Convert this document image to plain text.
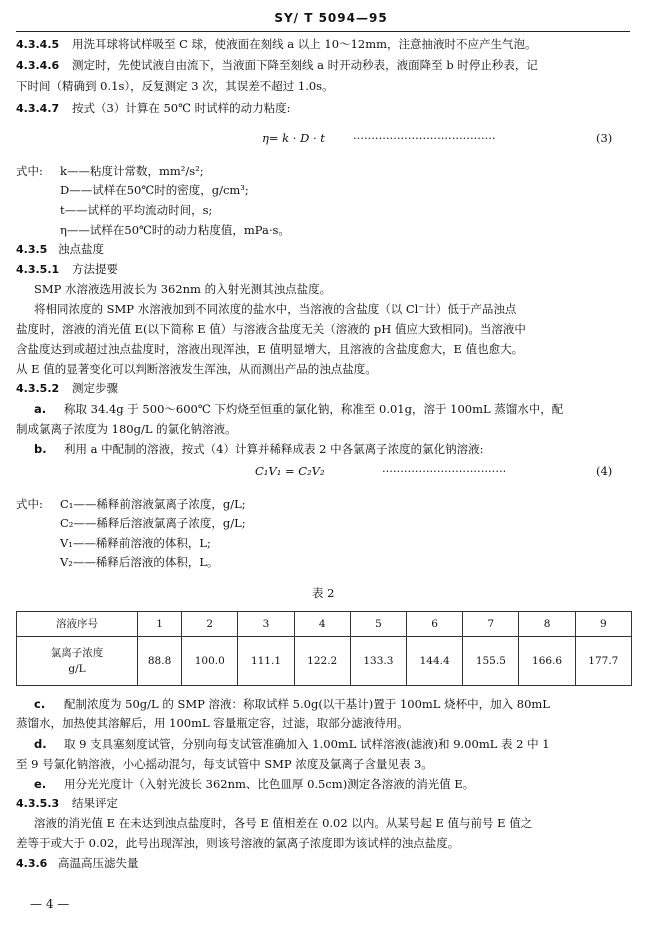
SY/ T 5094—95
4.3.4.5 用洗耳球将试样吸至 C 球，使液面在刻线 a 以上 10～12mm，注意抽液时不应产生气泡。
4.3.4.6 测定时，先使试液自由流下，当液面下降至刻线 a 时开动秒表，液面降至 b 时停止秒表，记
下时间（精确到 0.1s），反复测定 3 次，其误差不超过 1.0s。
4.3.4.7 按式（3）计算在 50℃ 时试样的动力粘度:
η= k · D · t ·······································	(3)
式中: k——粘度计常数，mm²/s²;
D——试样在50℃时的密度，g/cm³;
t——试样的平均流动时间，s;
η——试样在50℃时的动力粘度值，mPa·s。
4.3.5 浊点盐度
4.3.5.1 方法提要
SMP 水溶液选用波长为 362nm 的入射光测其浊点盐度。
将相同浓度的 SMP 水溶液加到不同浓度的盐水中，当溶液的含盐度（以 Cl⁻计）低于产品浊点
盐度时，溶液的消光值 E(以下简称 E 值）与溶液含盐度无关（溶液的 pH 值应大致相同)。当溶液中
含盐度达到或超过浊点盐度时，溶液出现浑浊，E 值明显增大，且溶液的含盐度愈大，E 值也愈大。
从 E 值的显著变化可以判断溶液发生浑浊，从而测出产品的浊点盐度。
4.3.5.2 测定步骤
a. 称取 34.4g 于 500～600℃ 下灼烧至恒重的氯化钠，称准至 0.01g，溶于 100mL 蒸馏水中，配
制成氯离子浓度为 180g/L 的氯化钠溶液。
b. 利用 a 中配制的溶液，按式（4）计算并稀释成表 2 中各氯离子浓度的氯化钠溶液:
C₁V₁ = C₂V₂	··································	(4)
式中: C₁——稀释前溶液氯离子浓度，g/L;
C₂——稀释后溶液氯离子浓度，g/L;
V₁——稀释前溶液的体积，L;
V₂——稀释后溶液的体积，L。
表 2
溶液序号	1	2	3	4	5	6	7	8	9

氯离子浓度
g/L	88.8	100.0	111.1	122.2	133.3	144.4	155.5	166.6	177.7
c. 配制浓度为 50g/L 的 SMP 溶液：称取试样 5.0g(以干基计)置于 100mL 烧杯中，加入 80mL
蒸馏水，加热使其溶解后，用 100mL 容量瓶定容，过滤，取部分滤液待用。
d. 取 9 支具塞刻度试管，分别向每支试管准确加入 1.00mL 试样溶液(滤液)和 9.00mL 表 2 中 1
至 9 号氯化钠溶液，小心摇动混匀，每支试管中 SMP 浓度及氯离子含量见表 3。
e. 用分光光度计（入射光波长 362nm、比色皿厚 0.5cm)测定各溶液的消光值 E。
4.3.5.3 结果评定
溶液的消光值 E 在未达到浊点盐度时，各号 E 值相差在 0.02 以内。从某号起 E 值与前号 E 值之
差等于或大于 0.02，此号出现浑浊，则该号溶液的氯离子浓度即为该试样的浊点盐度。
4.3.6 高温高压滤失量
— 4 —
